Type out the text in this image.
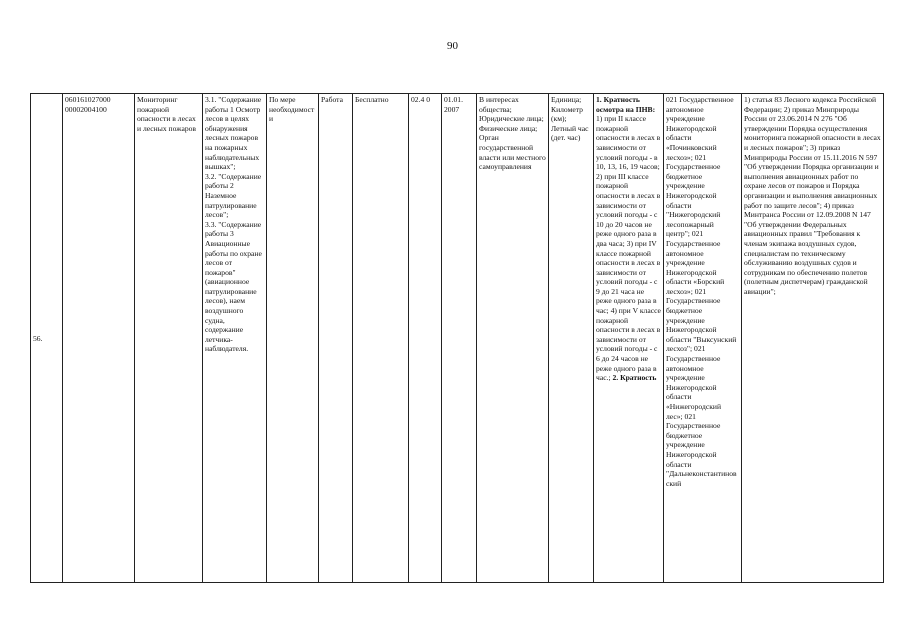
90
56.	060161027000 00002004100	Мониторинг пожарной опасности в лесах и лесных пожаров	3.1. "Содержание работы 1 Осмотр лесов в целях обнаружения лесных пожаров на пожарных наблюдательных вышках";
3.2. "Содержание работы 2 Наземное патрулирование лесов";
3.3. "Содержание работы 3 Авиационные работы по охране лесов от пожаров" (авиационное патрулирование лесов), наем воздушного судна, содержание летчика-наблюдателя.	По мере необходимости	Работа	Бесплатно	02.4 0	01.01. 2007	В интересах общества; Юридические лица; Физические лица; Орган государственной власти или местного самоуправления	Единица; Километр (км); Летный час (дет. час)	1. Кратность осмотра на ПНВ: 1) при II классе пожарной опасности в лесах в зависимости от условий погоды - в 10, 13, 16, 19 часов; 2) при III классе пожарной опасности в лесах в зависимости от условий погоды - с 10 до 20 часов не реже одного раза в два часа; 3) при IV классе пожарной опасности в лесах в зависимости от условий погоды - с 9 до 21 часа не реже одного раза в час; 4) при V классе пожарной опасности в лесах в зависимости от условий погоды - с 6 до 24 часов не реже одного раза в час.; 2. Кратность	021 Государственное автономное учреждение Нижегородской области «Починковский лесхоз»; 021 Государственное бюджетное учреждение Нижегородской области "Нижегородский лесопожарный центр"; 021 Государственное автономное учреждение Нижегородской области «Борский лесхоз»; 021 Государственное бюджетное учреждение Нижегородской области "Выксунский лесхоз"; 021 Государственное автономное учреждение Нижегородской области «Нижегородский лес»; 021 Государственное бюджетное учреждение Нижегородской области "Дальнеконстантиновский	1) статья 83 Лесного кодекса Российской Федерации; 2) приказ Минприроды России от 23.06.2014 N 276 "Об утверждении Порядка осуществления мониторинга пожарной опасности в лесах и лесных пожаров"; 3) приказ Минприроды России от 15.11.2016 N 597 "Об утверждении Порядка организации и выполнения авиационных работ по охране лесов от пожаров и Порядка организации и выполнения авиационных работ по защите лесов"; 4) приказ Минтранса России от 12.09.2008 N 147 "Об утверждении Федеральных авиационных правил "Требования к членам экипажа воздушных судов, специалистам по техническому обслуживанию воздушных судов и сотрудникам по обеспечению полетов (полетным диспетчерам) гражданской авиации";
